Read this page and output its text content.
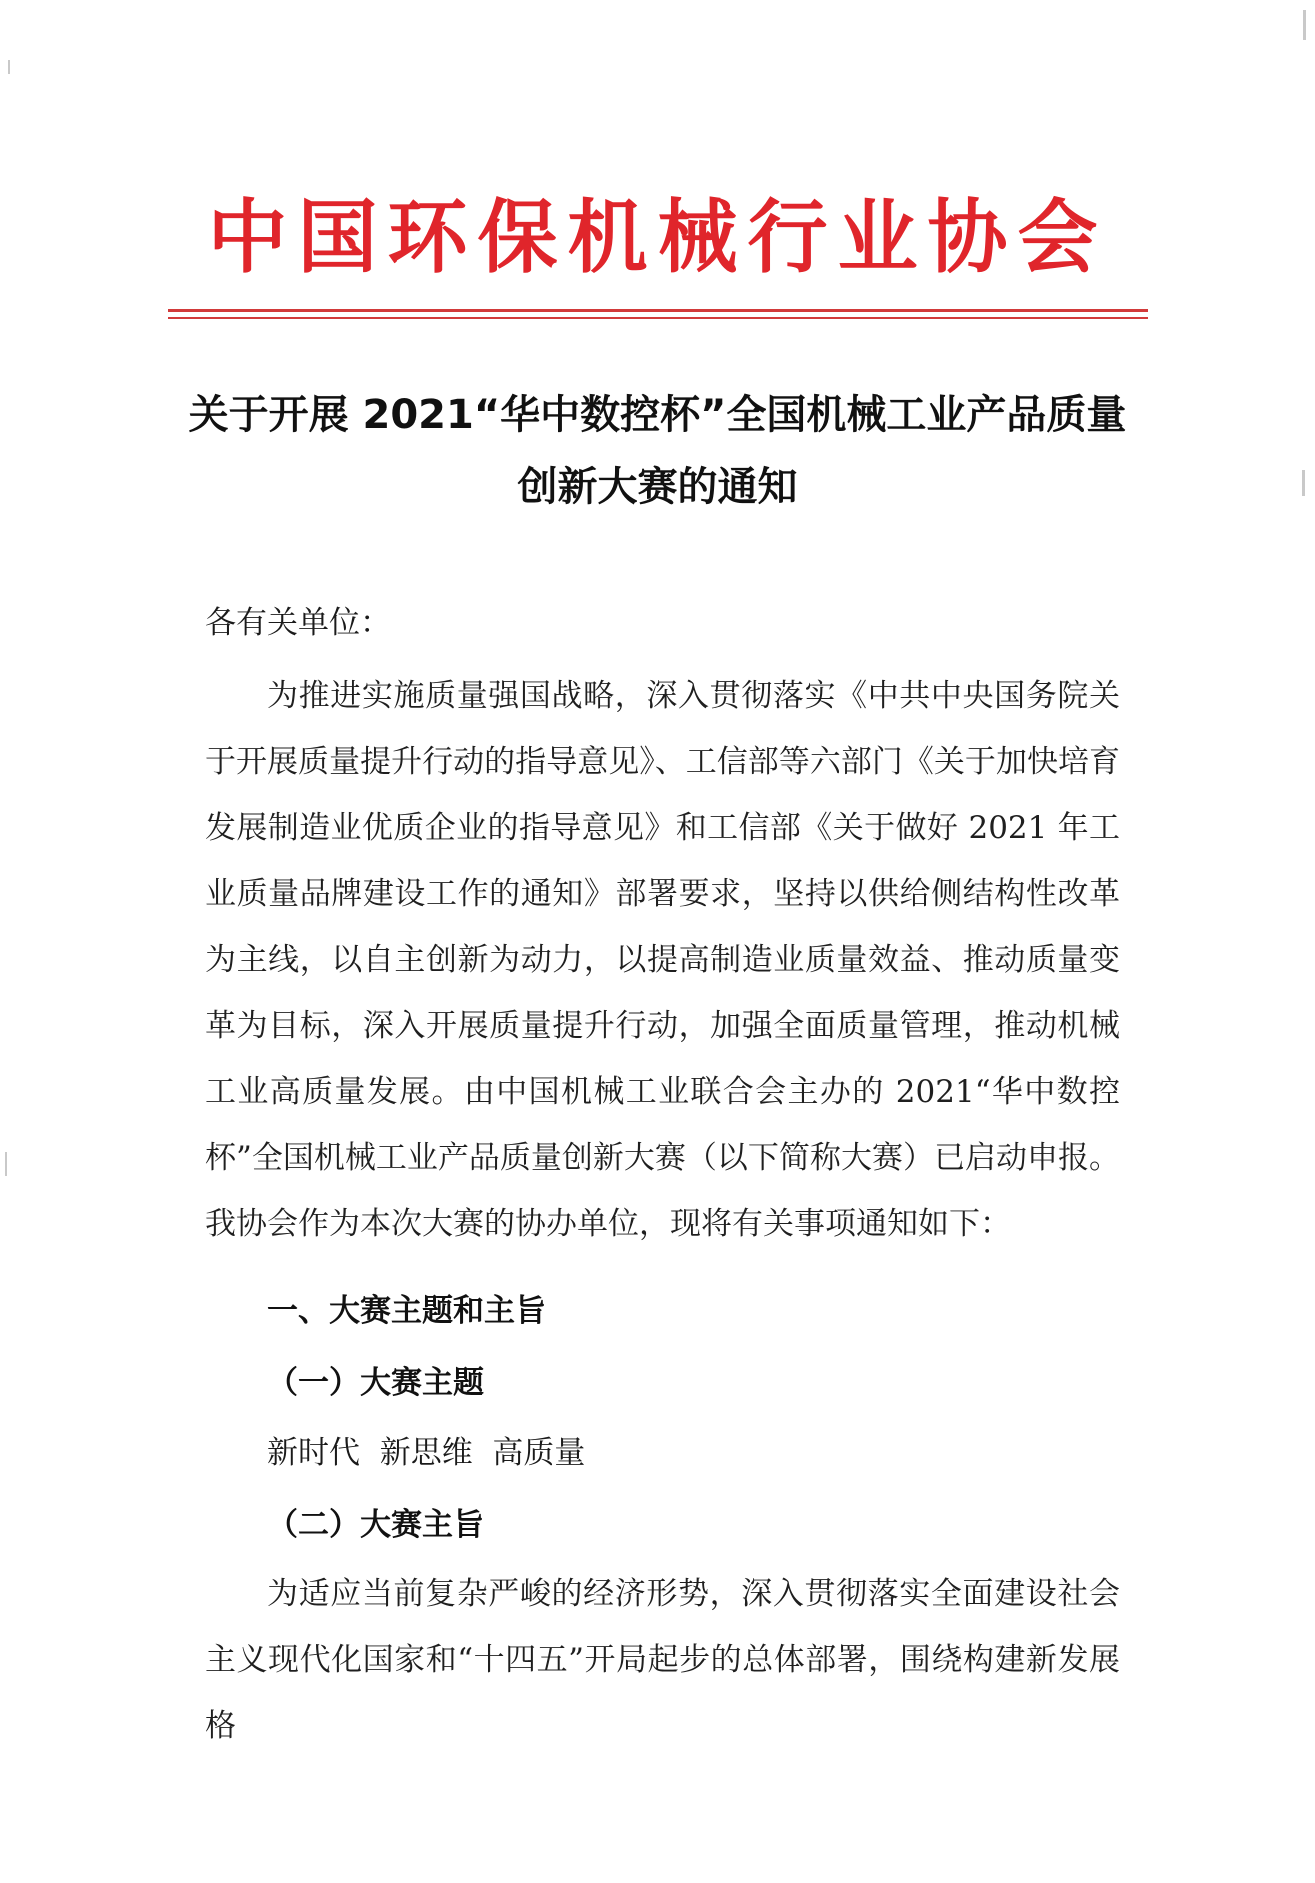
中国环保机械行业协会
关于开展 2021“华中数控杯”全国机械工业产品质量
创新大赛的通知
各有关单位：

为推进实施质量强国战略，深入贯彻落实《中共中央国务院关于开展质量提升行动的指导意见》、工信部等六部门《关于加快培育发展制造业优质企业的指导意见》和工信部《关于做好 2021 年工业质量品牌建设工作的通知》部署要求，坚持以供给侧结构性改革为主线，以自主创新为动力，以提高制造业质量效益、推动质量变革为目标，深入开展质量提升行动，加强全面质量管理，推动机械工业高质量发展。由中国机械工业联合会主办的 2021“华中数控杯”全国机械工业产品质量创新大赛（以下简称大赛）已启动申报。我协会作为本次大赛的协办单位，现将有关事项通知如下：

一、大赛主题和主旨
（一）大赛主题
新时代  新思维  高质量
（二）大赛主旨

为适应当前复杂严峻的经济形势，深入贯彻落实全面建设社会主义现代化国家和“十四五”开局起步的总体部署，围绕构建新发展格
